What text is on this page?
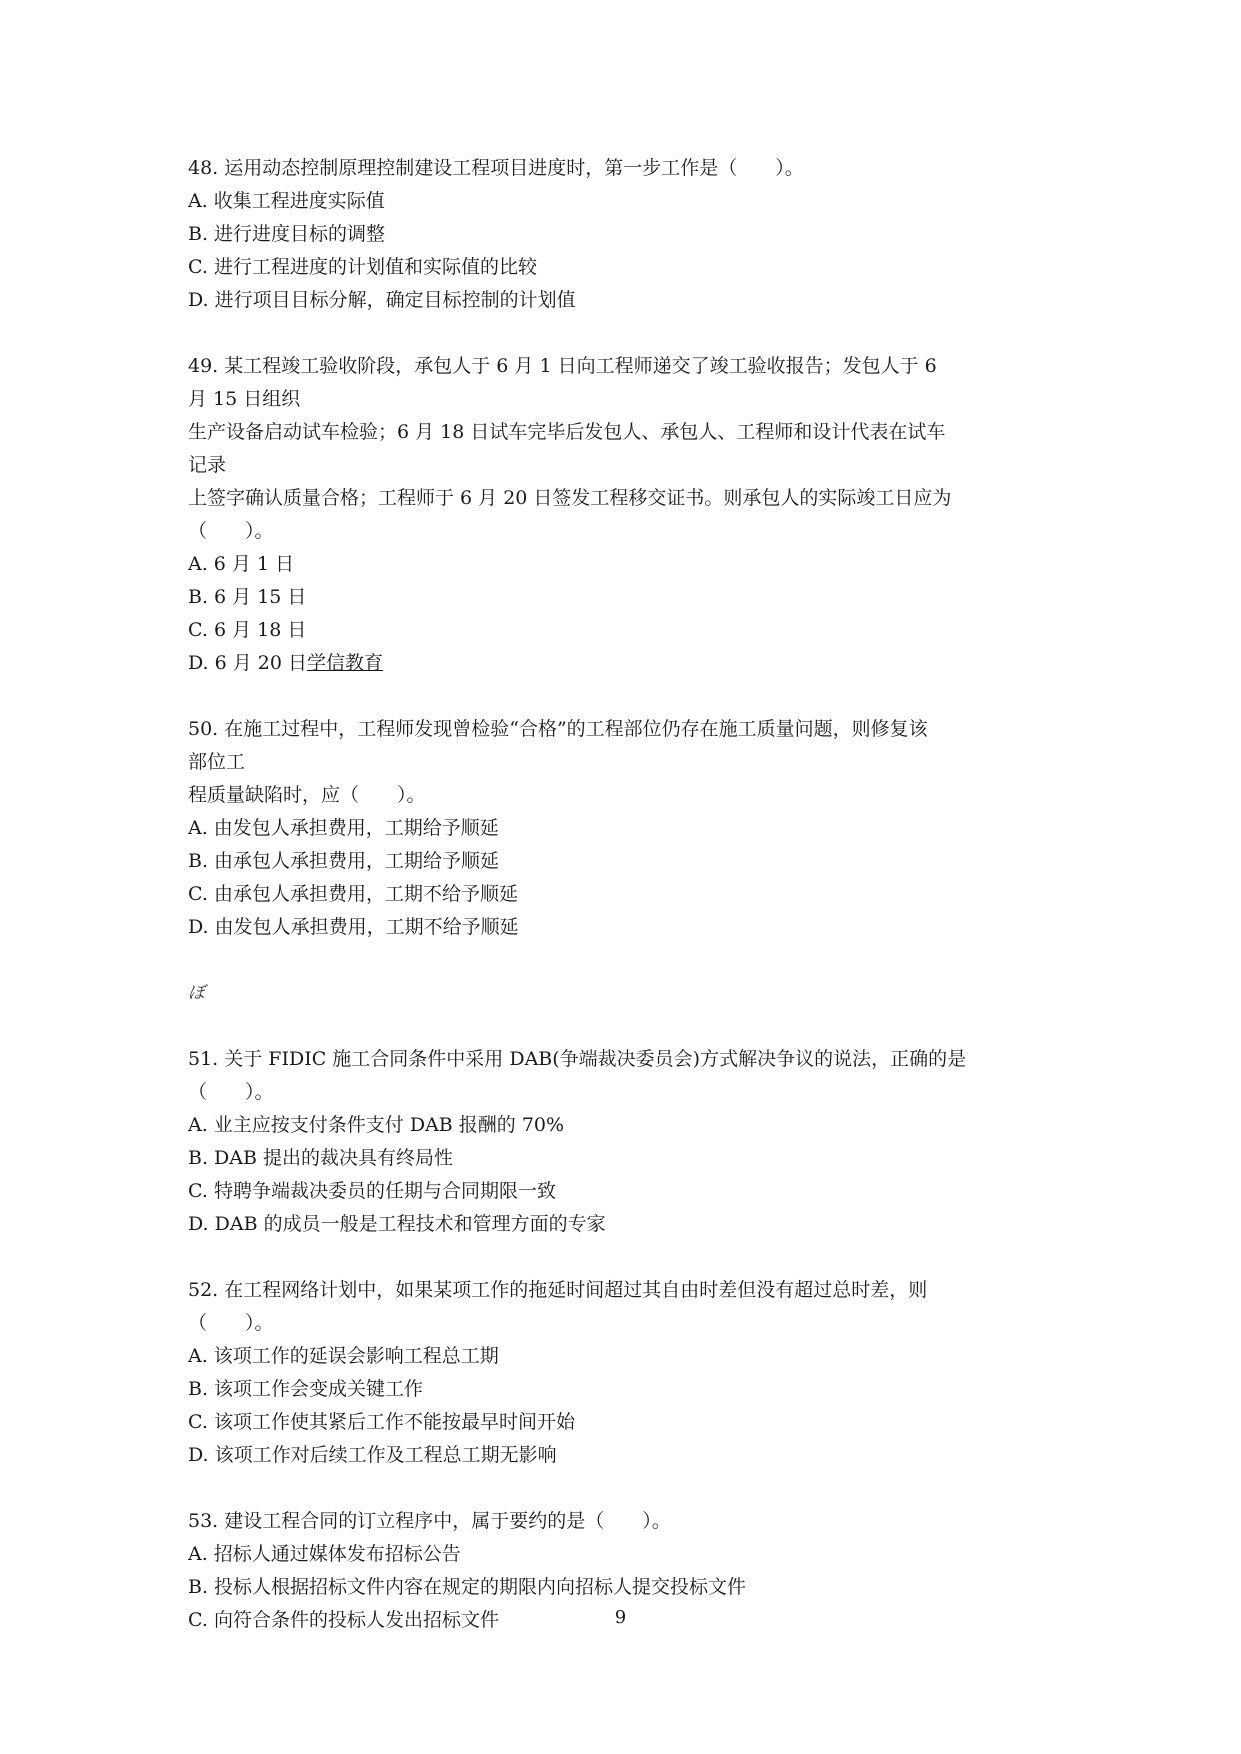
48. 运用动态控制原理控制建设工程项目进度时，第一步工作是（　　）。
A. 收集工程进度实际值
B. 进行进度目标的调整
C. 进行工程进度的计划值和实际值的比较
D. 进行项目目标分解，确定目标控制的计划值
49. 某工程竣工验收阶段，承包人于 6 月 1 日向工程师递交了竣工验收报告；发包人于 6
月 15 日组织
生产设备启动试车检验；6 月 18 日试车完毕后发包人、承包人、工程师和设计代表在试车
记录
上签字确认质量合格；工程师于 6 月 20 日签发工程移交证书。则承包人的实际竣工日应为
（　　）。
A. 6 月 1 日
B. 6 月 15 日
C. 6 月 18 日
D. 6 月 20 日学信教育
50. 在施工过程中，工程师发现曾检验“合格”的工程部位仍存在施工质量问题，则修复该
部位工
程质量缺陷时，应（　　）。
A. 由发包人承担费用，工期给予顺延
B. 由承包人承担费用，工期给予顺延
C. 由承包人承担费用，工期不给予顺延
D. 由发包人承担费用，工期不给予顺延
ぼ
51. 关于 FIDIC 施工合同条件中采用 DAB(争端裁决委员会)方式解决争议的说法，正确的是
（　　）。
A. 业主应按支付条件支付 DAB 报酬的 70%
B. DAB 提出的裁决具有终局性
C. 特聘争端裁决委员的任期与合同期限一致
D. DAB 的成员一般是工程技术和管理方面的专家
52. 在工程网络计划中，如果某项工作的拖延时间超过其自由时差但没有超过总时差，则
（　　）。
A. 该项工作的延误会影响工程总工期
B. 该项工作会变成关键工作
C. 该项工作使其紧后工作不能按最早时间开始
D. 该项工作对后续工作及工程总工期无影响
53. 建设工程合同的订立程序中，属于要约的是（　　）。
A. 招标人通过媒体发布招标公告
B. 投标人根据招标文件内容在规定的期限内向招标人提交投标文件
C. 向符合条件的投标人发出招标文件	9
